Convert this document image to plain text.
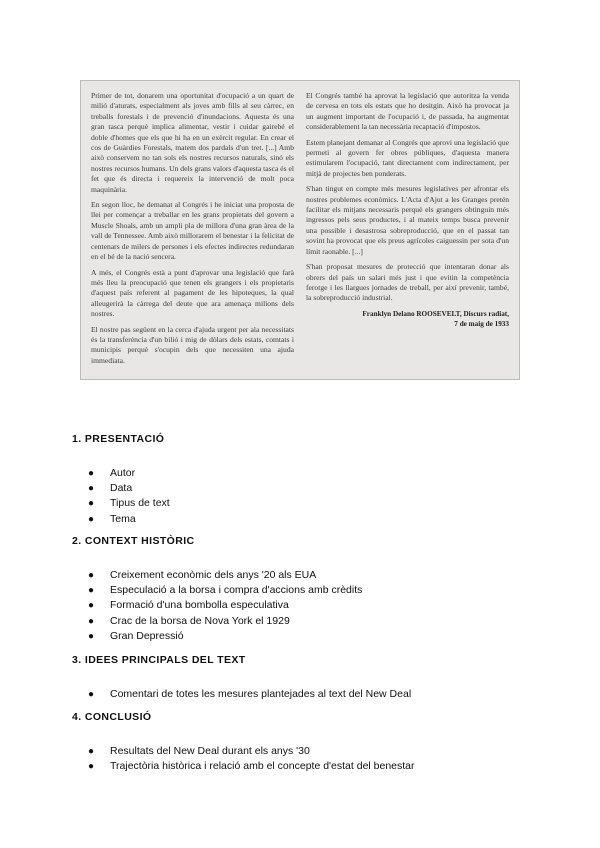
Primer de tot, donarem una oportunitat d'ocupació a un quart de milió d'aturats, especialment als joves amb fills al seu càrrec, en treballs forestals i de prevenció d'inundacions. Aquesta és una gran tasca perquè implica alimentar, vestir i cuidar gairebé el doble d'homes que els que hi ha en un exèrcit regular. En crear el cos de Guàrdies Forestals, matem dos pardals d'un tret. [...] Amb això conservem no tan sols els nostres recursos naturals, sinó els nostres recursos humans. Un dels grans valors d'aquesta tasca és el fet que és directa i requereix la intervenció de molt poca maquinària.

En segon lloc, he demanat al Congrés i he iniciat una proposta de llei per començar a treballar en les grans propietats del govern a Muscle Shoals, amb un ampli pla de millora d'una gran àrea de la vall de Tennessee. Amb això millorarem el benestar i la felicitat de centenars de milers de persones i els efectes indirectes redundaran en el bé de la nació sencera.

A més, el Congrés està a punt d'aprovar una legislació que farà més lleu la preocupació que tenen els grangers i els propietaris d'aquest país referent al pagament de les hipoteques, la qual alleugerirà la càrrega del deute que ara amenaça milions dels nostres.

El nostre pas següent en la cerca d'ajuda urgent per ala necessitats és la transferència d'un bilió i mig de dòlars dels estats, comtats i municipis perquè s'ocupin dels que necessiten una ajuda immediata.

El Congrés també ha aprovat la legislació que autoritza la venda de cervesa en tots els estats que ho desitgin. Això ha provocat ja un augment important de l'ocupació i, de passada, ha augmentat considerablement la tan necessària recaptació d'impostos.

Estem planejant demanar al Congrés que aprovi una legislació que permeti al govern fer obres públiques, d'aquesta manera estimularem l'ocupació, tant directament com indirectament, per mitjà de projectes ben ponderats.

S'han tingut en compte més mesures legislatives per afrontar els nostres problemes econòmics. L'Acta d'Ajut a les Granges pretén facilitar els mitjans necessaris perquè els grangers obtinguin més ingressos pels seus productes, i al mateix temps busca prevenir una possible i desastrosa sobreproducció, que en el passat tan sovint ha provocat que els preus agrícoles caiguessin per sota d'un límit raonable. [...]

S'han proposat mesures de protecció que intentaran donar als obrers del país un salari més just i que evitin la competència ferotge i les llargues jornades de treball, per així prevenir, també, la sobreproducció industrial.

Franklyn Delano ROOSEVELT, Discurs radiat,
7 de maig de 1933
1. PRESENTACIÓ
● Autor
● Data
● Tipus de text
● Tema
2. CONTEXT HISTÒRIC
● Creixement econòmic dels anys '20 als EUA
● Especulació a la borsa i compra d'accions amb crèdits
● Formació d'una bombolla especulativa
● Crac de la borsa de Nova York el 1929
● Gran Depressió
3. IDEES PRINCIPALS DEL TEXT
● Comentari de totes les mesures plantejades al text del New Deal
4. CONCLUSIÓ
● Resultats del New Deal durant els anys '30
● Trajectòria històrica i relació amb el concepte d'estat del benestar
